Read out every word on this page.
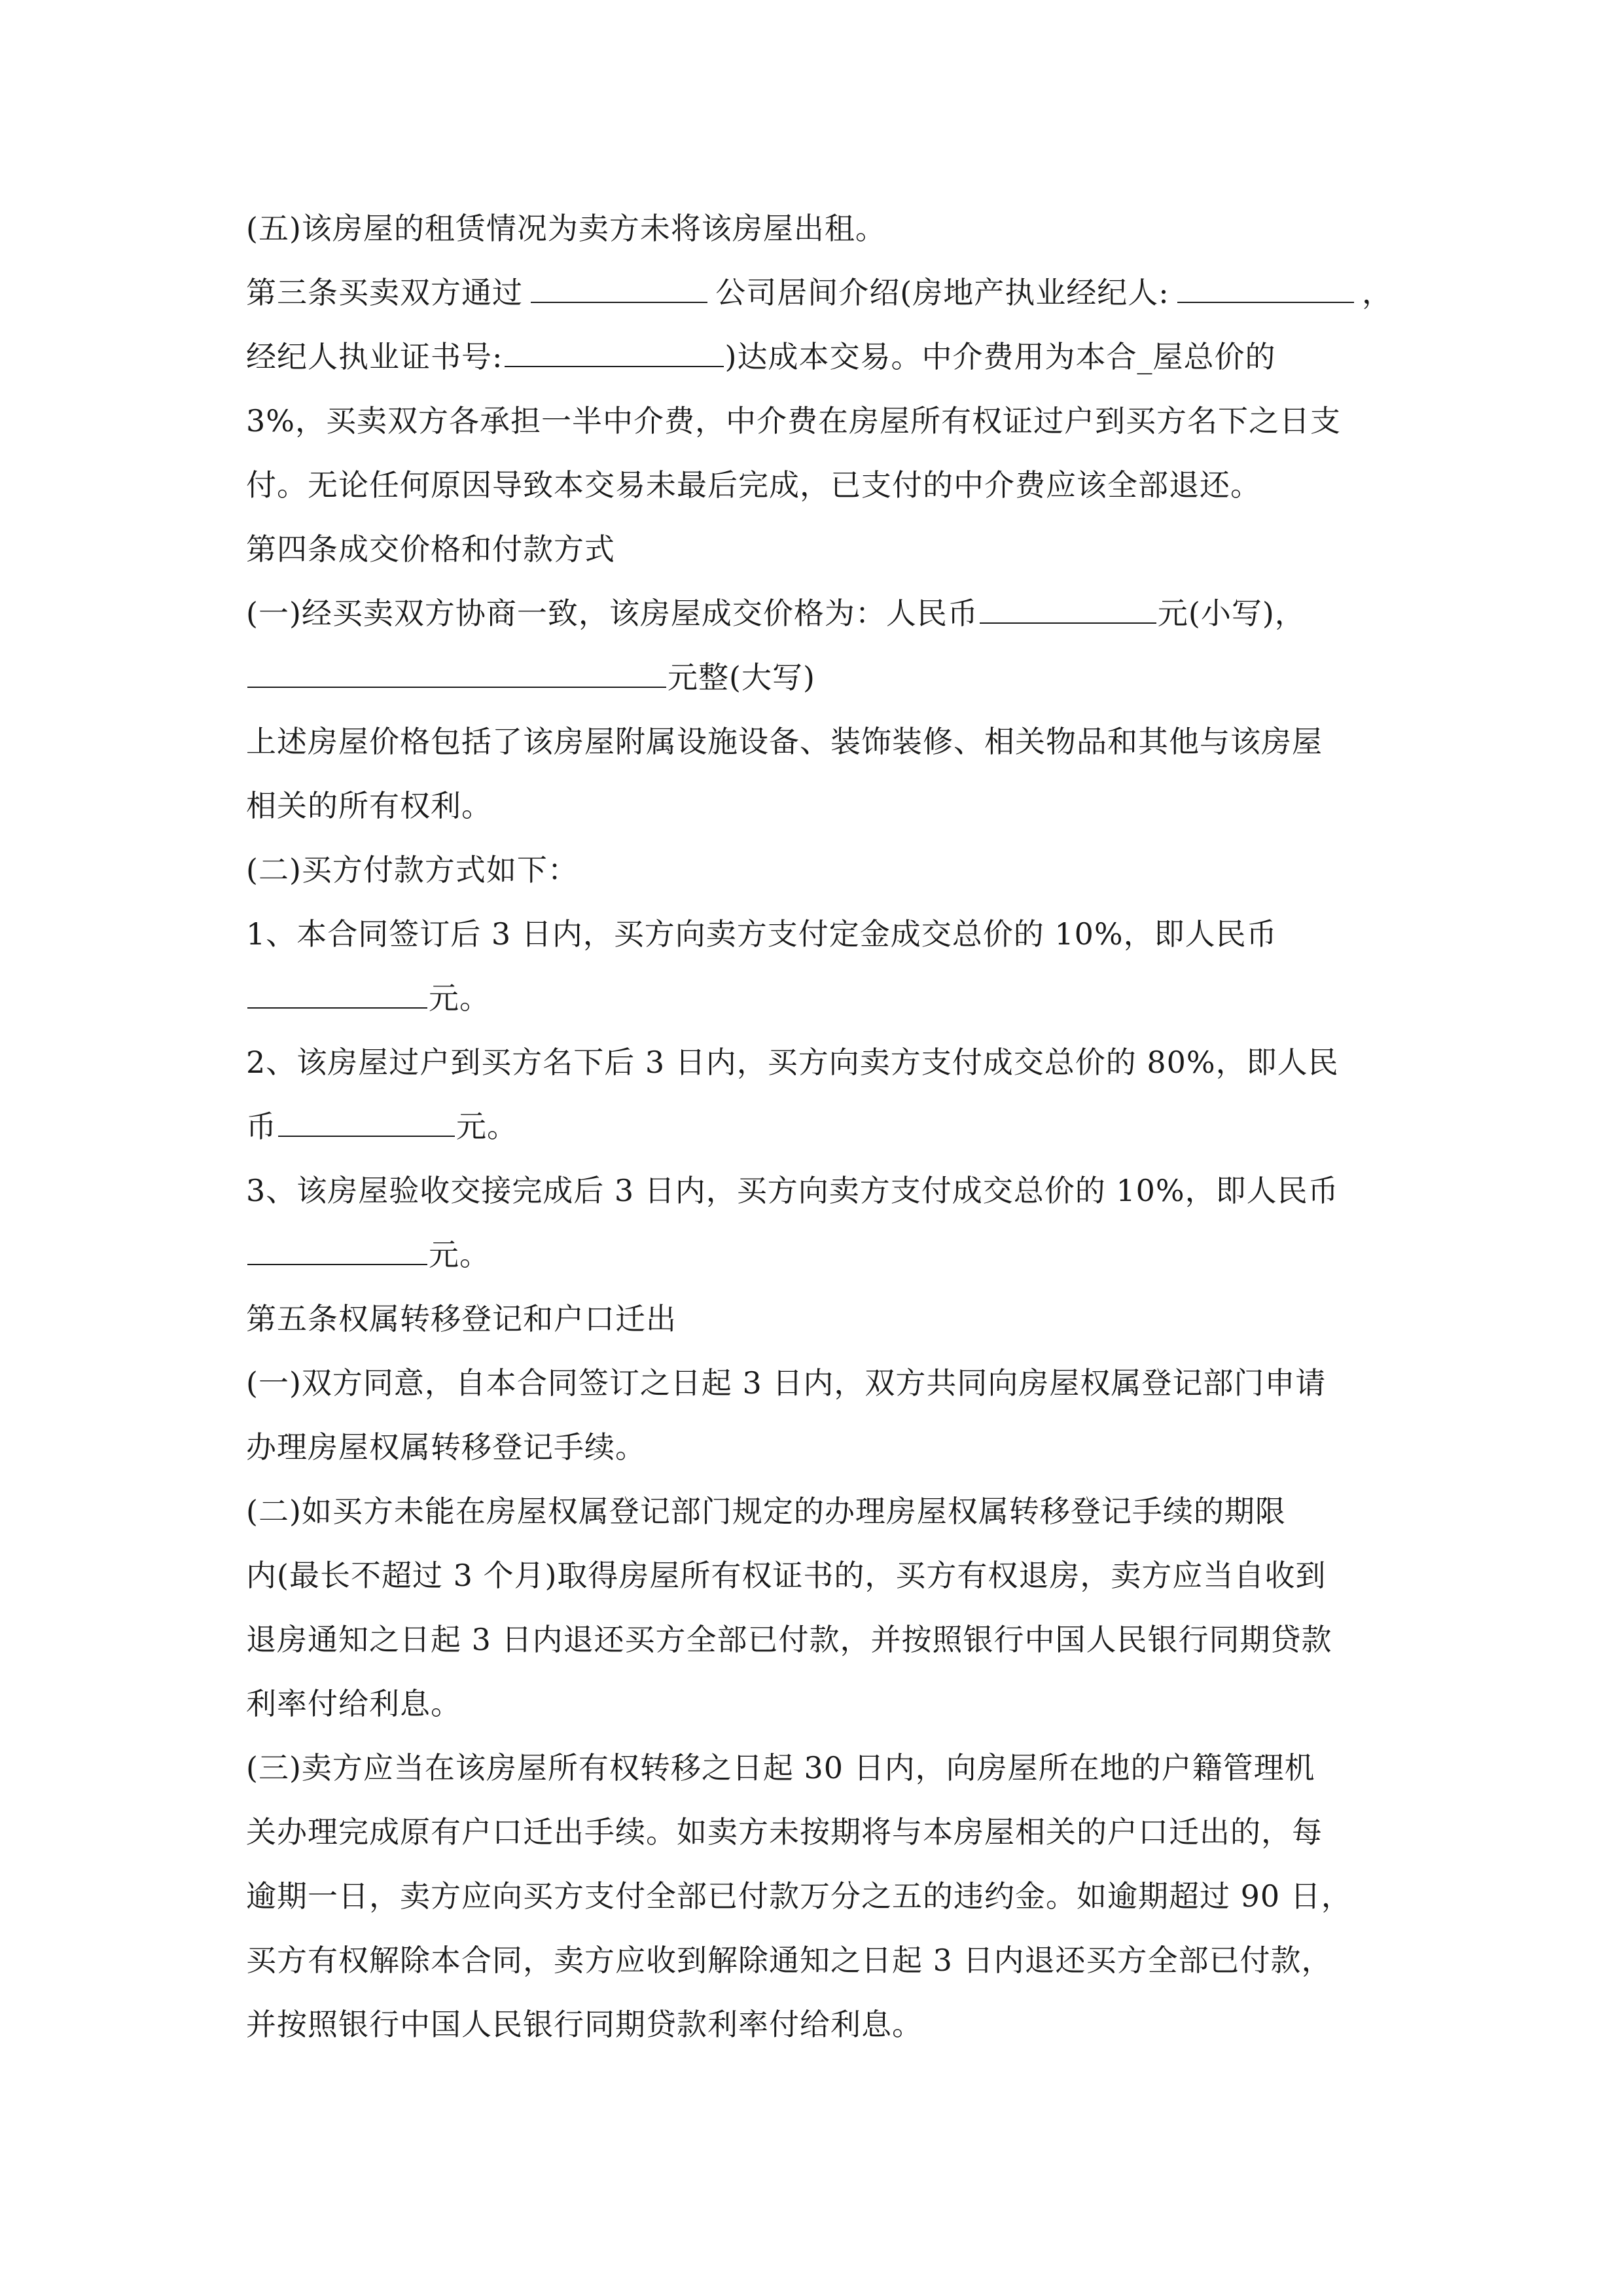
(五)该房屋的租赁情况为卖方未将该房屋出租。
第三条买卖双方通过	公司居间介绍(房地产执业经纪人:	，
经纪人执业证书号:	)达成本交易。中介费用为本合_屋总价的
3%，买卖双方各承担一半中介费，中介费在房屋所有权证过户到买方名下之日支
付。无论任何原因导致本交易未最后完成，已支付的中介费应该全部退还。
第四条成交价格和付款方式
(一)经买卖双方协商一致，该房屋成交价格为：人民币	元(小写)，
元整(大写)
上述房屋价格包括了该房屋附属设施设备、装饰装修、相关物品和其他与该房屋
相关的所有权利。
(二)买方付款方式如下：
1、本合同签订后 3 日内，买方向卖方支付定金成交总价的 10%，即人民币
元。
2、该房屋过户到买方名下后 3 日内，买方向卖方支付成交总价的 80%，即人民
币	元。
3、该房屋验收交接完成后 3 日内，买方向卖方支付成交总价的 10%，即人民币
元。
第五条权属转移登记和户口迁出
(一)双方同意，自本合同签订之日起 3 日内，双方共同向房屋权属登记部门申请
办理房屋权属转移登记手续。
(二)如买方未能在房屋权属登记部门规定的办理房屋权属转移登记手续的期限
内(最长不超过 3 个月)取得房屋所有权证书的，买方有权退房，卖方应当自收到
退房通知之日起 3 日内退还买方全部已付款，并按照银行中国人民银行同期贷款
利率付给利息。
(三)卖方应当在该房屋所有权转移之日起 30 日内，向房屋所在地的户籍管理机
关办理完成原有户口迁出手续。如卖方未按期将与本房屋相关的户口迁出的，每
逾期一日，卖方应向买方支付全部已付款万分之五的违约金。如逾期超过 90 日，
买方有权解除本合同，卖方应收到解除通知之日起 3 日内退还买方全部已付款，
并按照银行中国人民银行同期贷款利率付给利息。
